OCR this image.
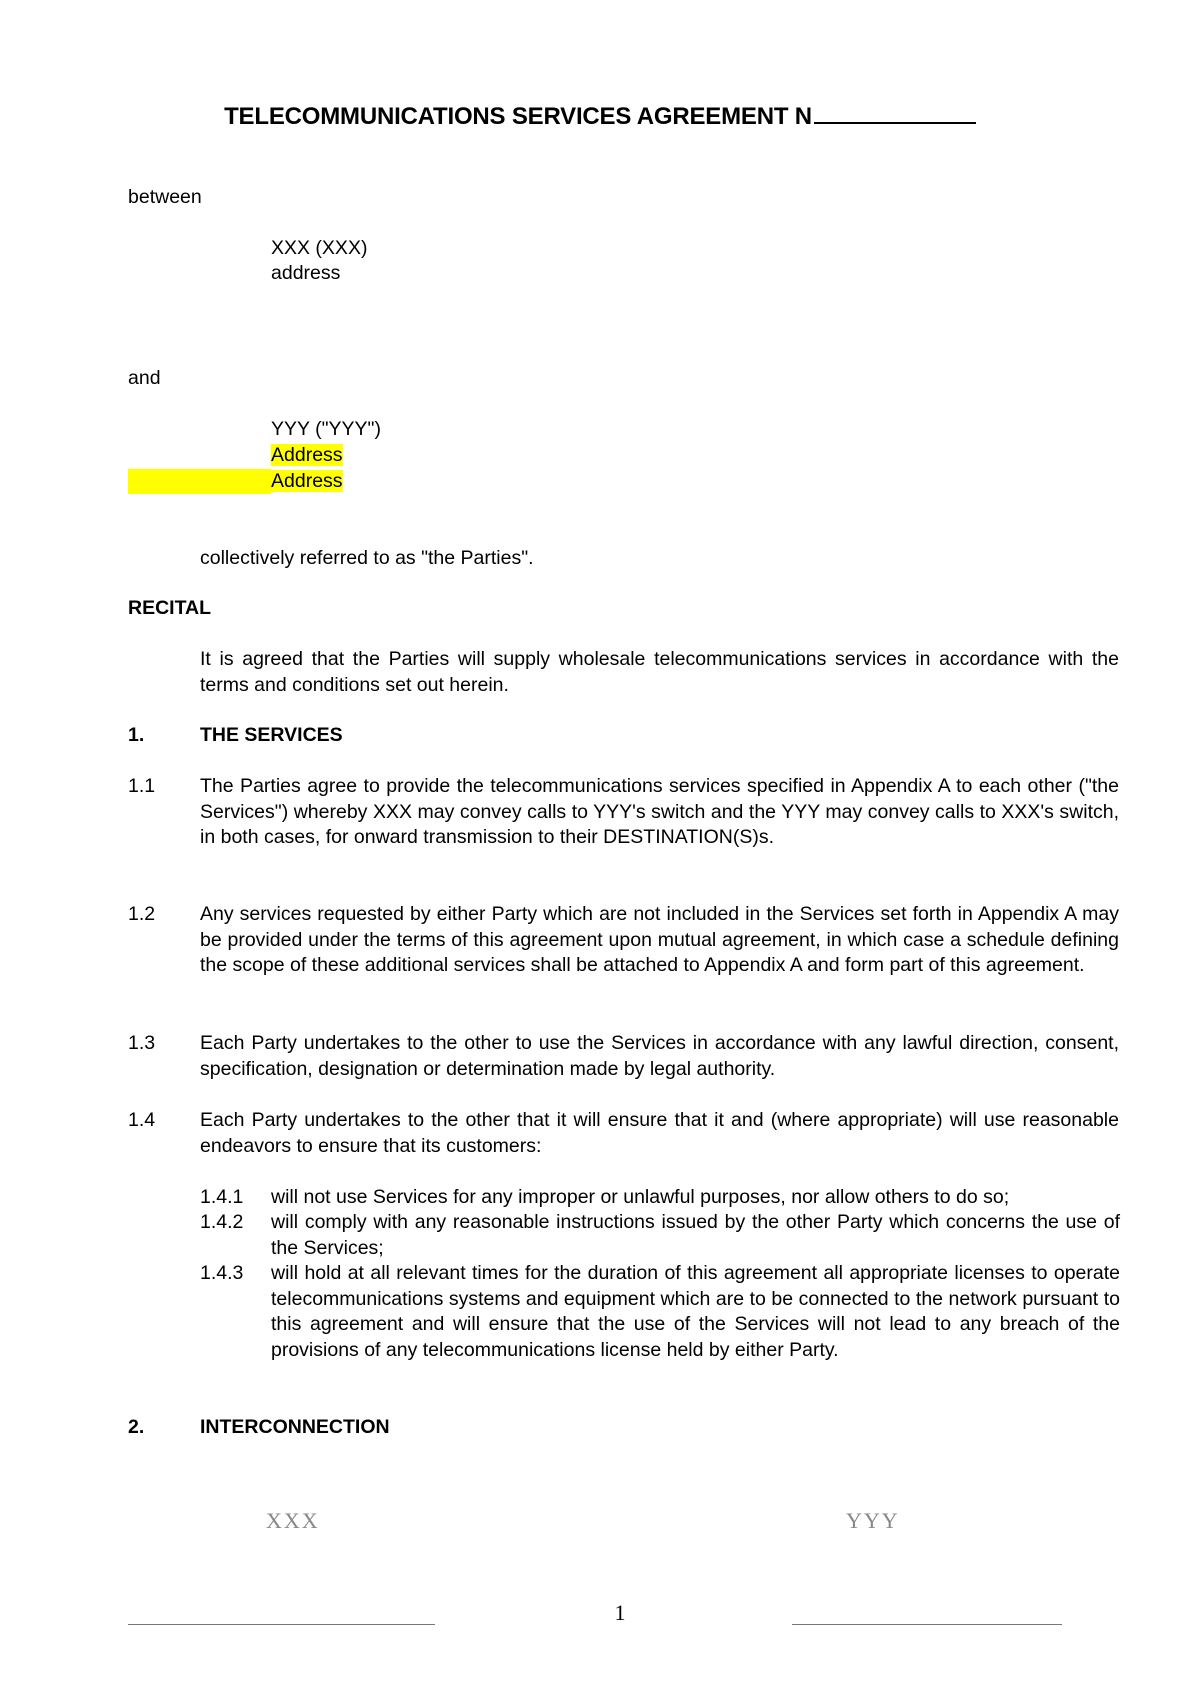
TELECOMMUNICATIONS SERVICES AGREEMENT N
between
XXX (XXX)
address
and
YYY ("YYY")
Address
Address
collectively referred to as "the Parties".
RECITAL
It is agreed that the Parties will supply wholesale telecommunications services in accordance with the terms and conditions set out herein.
1.	THE SERVICES
1.1 The Parties agree to provide the telecommunications services specified in Appendix A to each other ("the Services") whereby XXX may convey calls to YYY's switch and the YYY may convey calls to XXX's switch, in both cases, for onward transmission to their DESTINATION(S)s.
1.2 Any services requested by either Party which are not included in the Services set forth in Appendix A may be provided under the terms of this agreement upon mutual agreement, in which case a schedule defining the scope of these additional services shall be attached to Appendix A and form part of this agreement.
1.3 Each Party undertakes to the other to use the Services in accordance with any lawful direction, consent, specification, designation or determination made by legal authority.
1.4 Each Party undertakes to the other that it will ensure that it and (where appropriate) will use reasonable endeavors to ensure that its customers:
1.4.1 will not use Services for any improper or unlawful purposes, nor allow others to do so;
1.4.2 will comply with any reasonable instructions issued by the other Party which concerns the use of the Services;
1.4.3 will hold at all relevant times for the duration of this agreement all appropriate licenses to operate telecommunications systems and equipment which are to be connected to the network pursuant to this agreement and will ensure that the use of the Services will not lead to any breach of the provisions of any telecommunications license held by either Party.
2.	INTERCONNECTION
XXX	YYY
1
